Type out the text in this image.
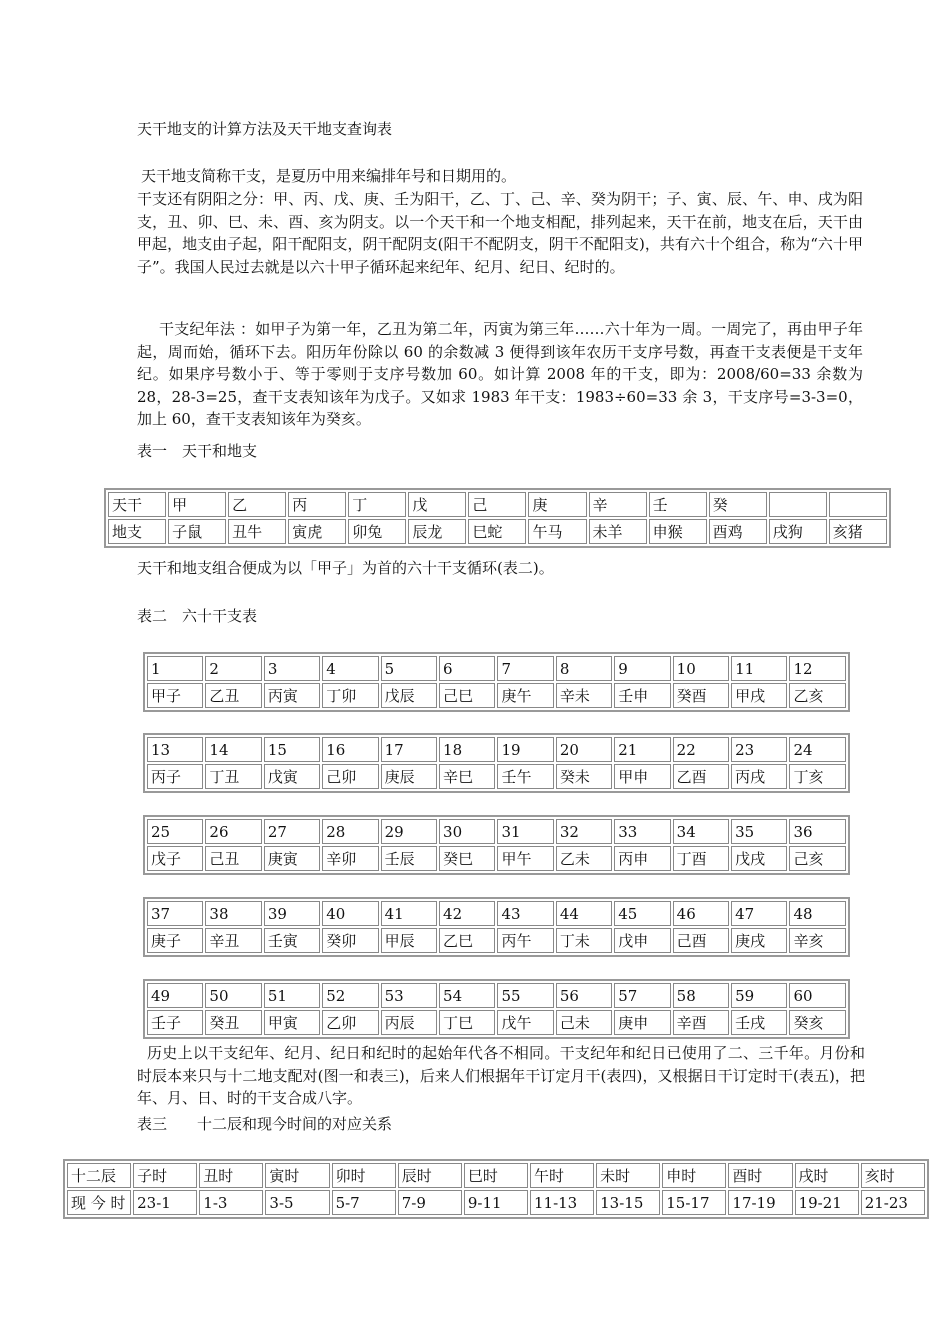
天干地支的计算方法及天干地支查询表
天干地支简称干支，是夏历中用来编排年号和日期用的。
干支还有阴阳之分：甲、丙、戊、庚、壬为阳干，乙、丁、己、辛、癸为阴干；子、寅、辰、午、申、戌为阳支，丑、卯、巳、未、酉、亥为阴支。以一个天干和一个地支相配，排列起来，天干在前，地支在后，天干由甲起，地支由子起，阳干配阳支，阴干配阴支(阳干不配阴支，阴干不配阳支)，共有六十个组合，称为“六十甲子”。我国人民过去就是以六十甲子循环起来纪年、纪月、纪日、纪时的。
干支纪年法 ：如甲子为第一年，乙丑为第二年，丙寅为第三年……六十年为一周。一周完了，再由甲子年起，周而始，循环下去。阳历年份除以 60 的余数减 3 便得到该年农历干支序号数，再查干支表便是干支年纪。如果序号数小于、等于零则于支序号数加 60。如计算 2008 年的干支，即为：2008/60=33 余数为 28，28-3=25，查干支表知该年为戊子。又如求 1983 年干支：1983÷60=33 余 3，干支序号=3-3=0，加上 60，查干支表知该年为癸亥。
表一　天干和地支
天干	甲	乙	丙	丁	戊	己	庚	辛	壬	癸		
地支	子鼠	丑牛	寅虎	卯兔	辰龙	巳蛇	午马	未羊	申猴	酉鸡	戌狗	亥猪
天干和地支组合便成为以「甲子」为首的六十干支循环(表二)。
表二　六十干支表
1	2	3	4	5	6	7	8	9	10	11	12
甲子	乙丑	丙寅	丁卯	戊辰	己巳	庚午	辛未	壬申	癸酉	甲戌	乙亥
13	14	15	16	17	18	19	20	21	22	23	24
丙子	丁丑	戊寅	己卯	庚辰	辛巳	壬午	癸未	甲申	乙酉	丙戌	丁亥
25	26	27	28	29	30	31	32	33	34	35	36
戊子	己丑	庚寅	辛卯	壬辰	癸巳	甲午	乙未	丙申	丁酉	戊戌	己亥
37	38	39	40	41	42	43	44	45	46	47	48
庚子	辛丑	壬寅	癸卯	甲辰	乙巳	丙午	丁未	戊申	己酉	庚戌	辛亥
49	50	51	52	53	54	55	56	57	58	59	60
壬子	癸丑	甲寅	乙卯	丙辰	丁巳	戊午	己未	庚申	辛酉	壬戌	癸亥
历史上以干支纪年、纪月、纪日和纪时的起始年代各不相同。干支纪年和纪日已使用了二、三千年。月份和时辰本来只与十二地支配对(图一和表三)，后来人们根据年干订定月干(表四)，又根据日干订定时干(表五)，把年、月、日、时的干支合成八字。
表三　　十二辰和现今时间的对应关系
十二辰	子时	丑时	寅时	卯时	辰时	巳时	午时	未时	申时	酉时	戌时	亥时
现 今 时	23-1	1-3	3-5	5-7	7-9	9-11	11-13	13-15	15-17	17-19	19-21	21-23
